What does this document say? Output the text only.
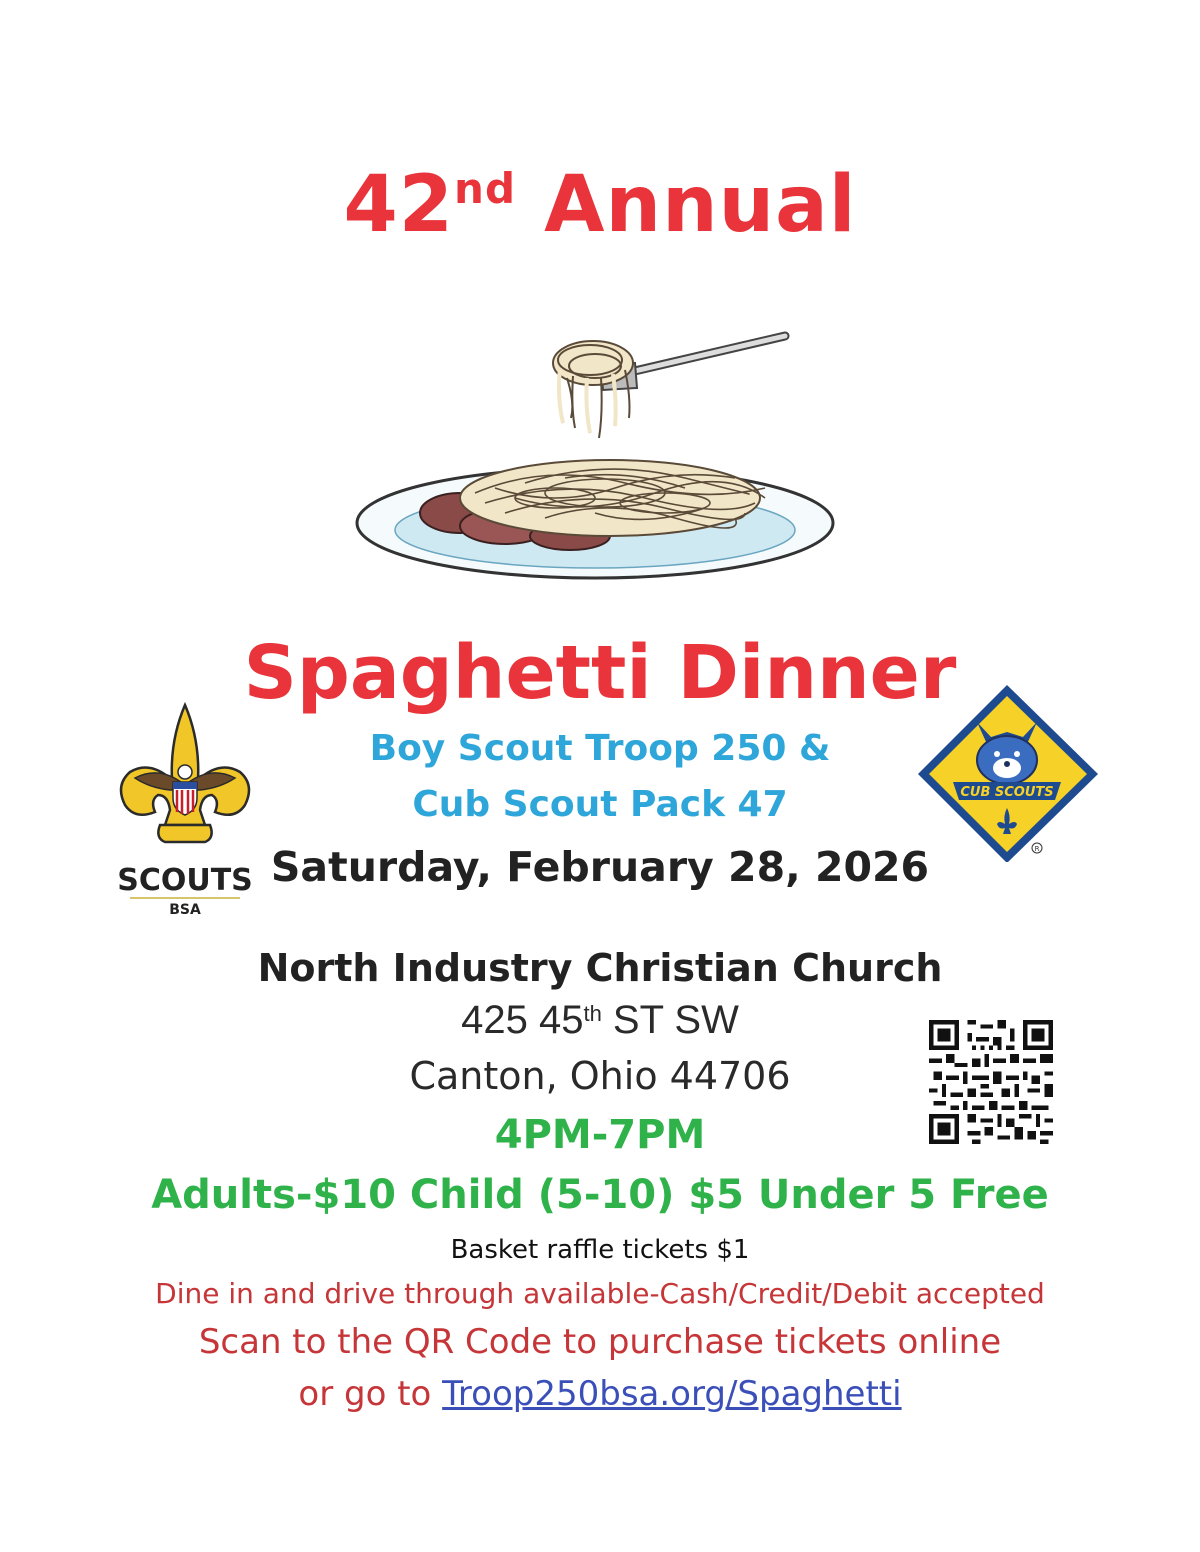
42nd Annual
Spaghetti Dinner
SCOUTS
BSA
CUB SCOUTS
R
Boy Scout Troop 250 &
Cub Scout Pack 47
Saturday, February 28, 2026
North Industry Christian Church
425 45th ST SW
Canton, Ohio 44706
4PM-7PM
Adults-$10 Child (5-10) $5 Under 5 Free
Basket raffle tickets $1
Dine in and drive through available-Cash/Credit/Debit accepted
Scan to the QR Code to purchase tickets online
or go to Troop250bsa.org/Spaghetti
